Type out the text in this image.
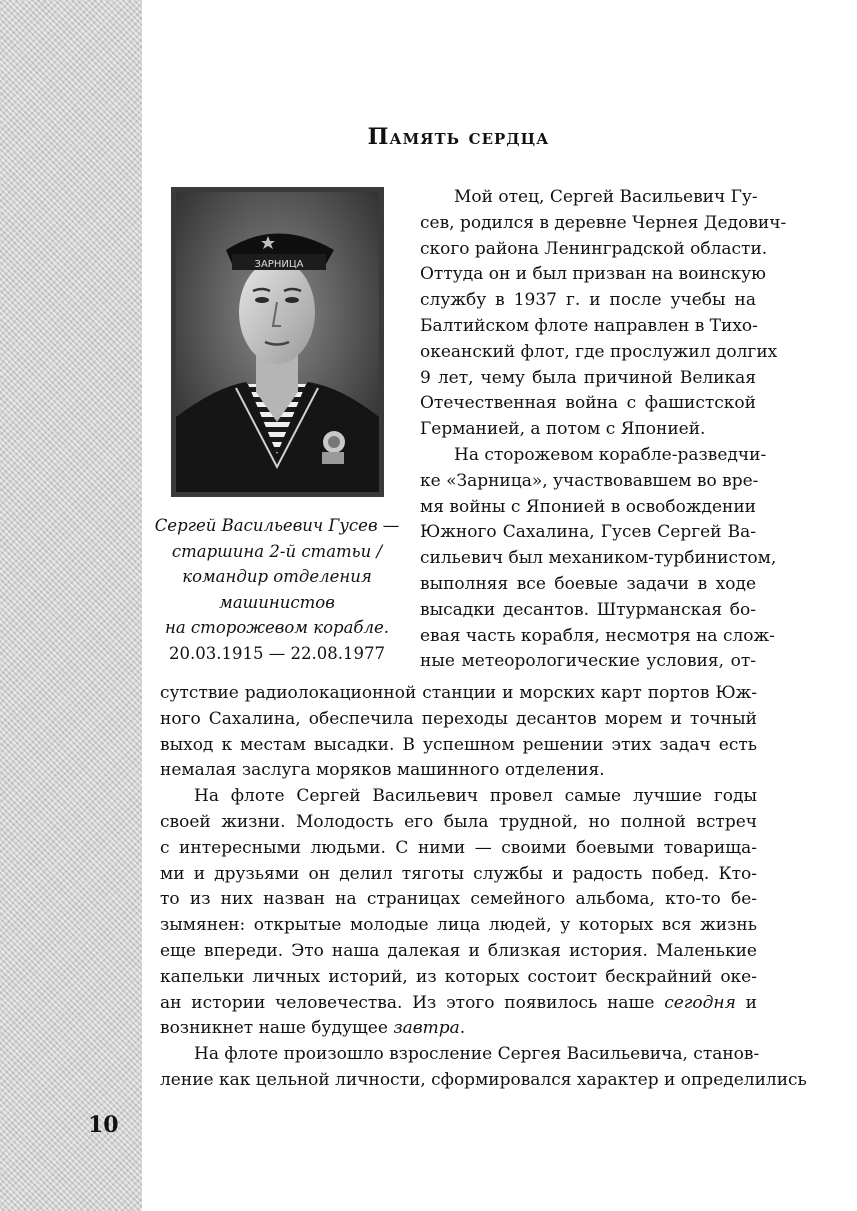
Память сердца
ЗАРНИЦА
Сергей Васильевич Гусев —
старшина 2-й статьи /
командир отделения
машинистов
на сторожевом корабле.
20.03.1915 — 22.08.1977
Мой отец, Сергей Васильевич Гу-
сев, родился в деревне Чернея Дедович-
ского района Ленинградской области.
Оттуда он и был призван на воинскую
службу в 1937 г. и после учебы на
Балтийском флоте направлен в Тихо-
океанский флот, где прослужил долгих
9 лет, чему была причиной Великая
Отечественная война с фашистской
Германией, а потом с Японией.
На сторожевом корабле-разведчи-
ке «Зарница», участвовавшем во вре-
мя войны с Японией в освобождении
Южного Сахалина, Гусев Сергей Ва-
сильевич был механиком-турбинистом,
выполняя все боевые задачи в ходе
высадки десантов. Штурманская бо-
евая часть корабля, несмотря на слож-
ные метеорологические условия, от-
сутствие радиолокационной станции и морских карт портов Юж-
ного Сахалина, обеспечила переходы десантов морем и точный
выход к местам высадки. В успешном решении этих задач есть
немалая заслуга моряков машинного отделения.
На флоте Сергей Васильевич провел самые лучшие годы
своей жизни. Молодость его была трудной, но полной встреч
с интересными людьми. С ними — своими боевыми товарища-
ми и друзьями он делил тяготы службы и радость побед. Кто-
то из них назван на страницах семейного альбома, кто-то бе-
зымянен: открытые молодые лица людей, у которых вся жизнь
еще впереди. Это наша далекая и близкая история. Маленькие
капельки личных историй, из которых состоит бескрайний оке-
ан истории человечества. Из этого появилось наше сегодня и
возникнет наше будущее завтра.
На флоте произошло взросление Сергея Васильевича, станов-
ление как цельной личности, сформировался характер и определились
10
